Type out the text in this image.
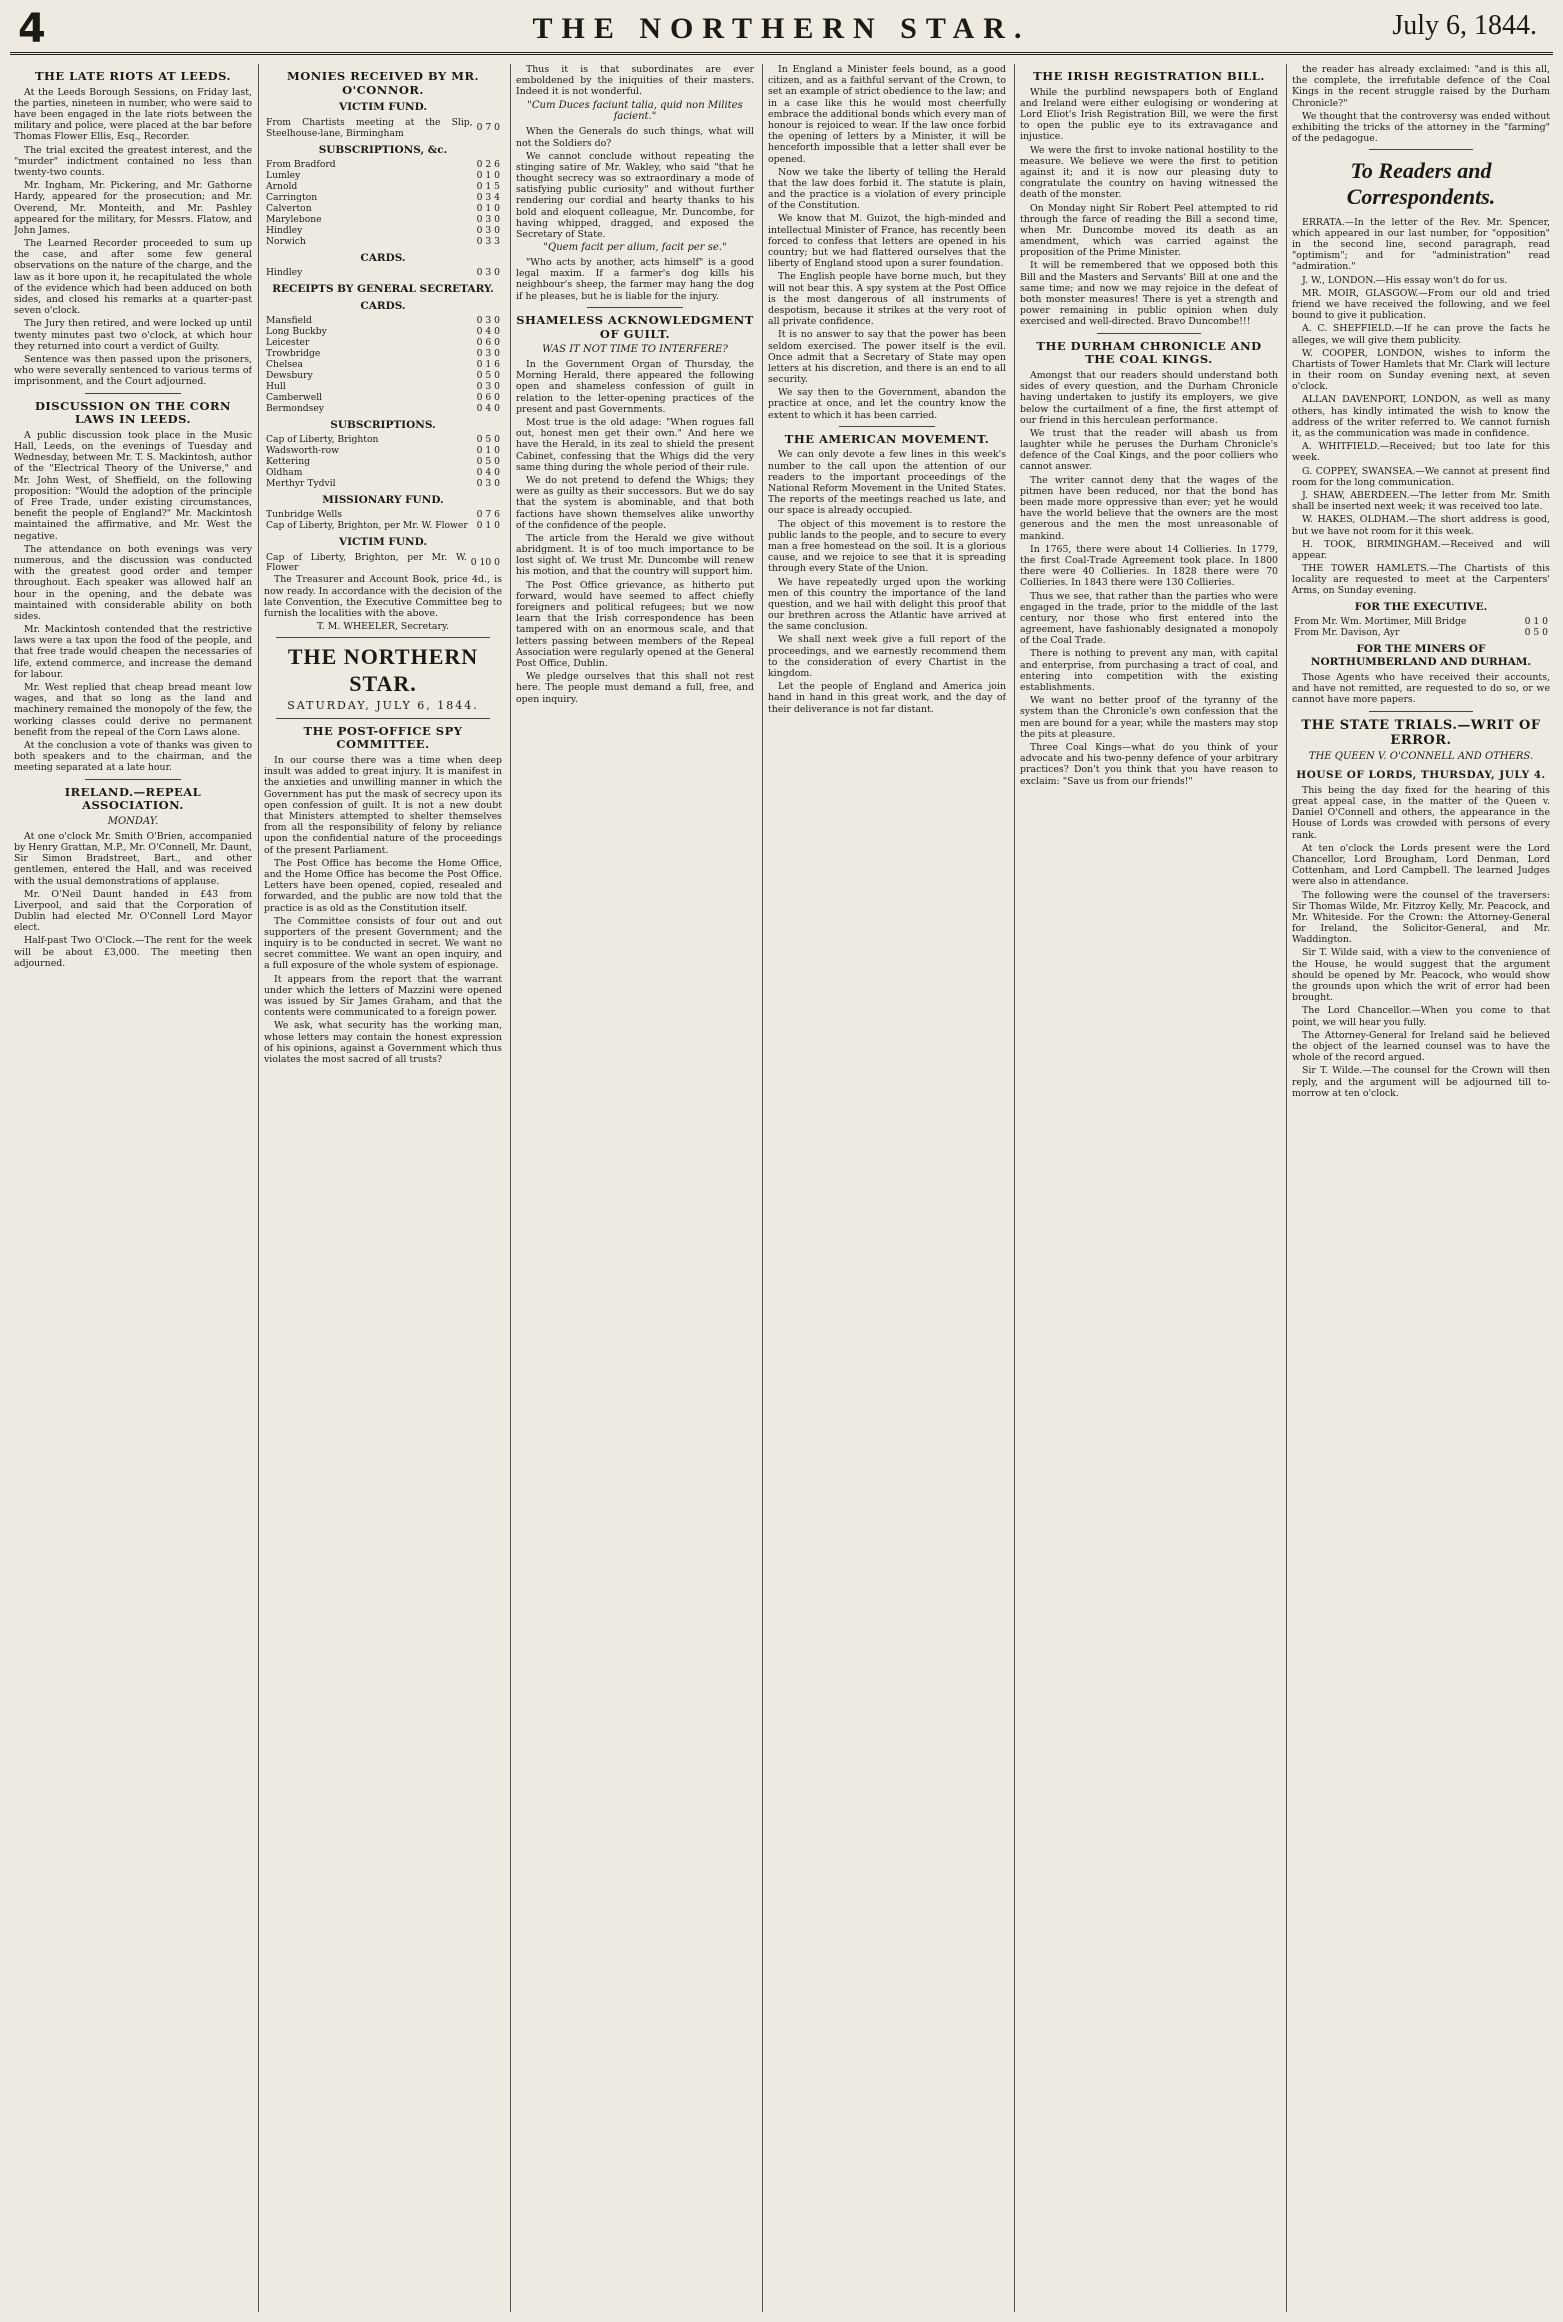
4	THE NORTHERN STAR.	July 6, 1844.
THE LATE RIOTS AT LEEDS.

At the Leeds Borough Sessions, on Friday last, the parties, nineteen in number, who were said to have been engaged in the late riots between the military and police, were placed at the bar before Thomas Flower Ellis, Esq., Recorder.

The trial excited the greatest interest, and the "murder" indictment contained no less than twenty-two counts.

Mr. Ingham, Mr. Pickering, and Mr. Gathorne Hardy, appeared for the prosecution; and Mr. Overend, Mr. Monteith, and Mr. Pashley appeared for the military, for Messrs. Flatow, and John James.

The Learned Recorder proceeded to sum up the case, and after some few general observations on the nature of the charge, and the law as it bore upon it, he recapitulated the whole of the evidence which had been adduced on both sides, and closed his remarks at a quarter-past seven o'clock.

The Jury then retired, and were locked up until twenty minutes past two o'clock, at which hour they returned into court a verdict of Guilty.

Sentence was then passed upon the prisoners, who were severally sentenced to various terms of imprisonment, and the Court adjourned.

DISCUSSION ON THE CORN LAWS IN LEEDS.

A public discussion took place in the Music Hall, Leeds, on the evenings of Tuesday and Wednesday, between Mr. T. S. Mackintosh, author of the "Electrical Theory of the Universe," and Mr. John West, of Sheffield, on the following proposition: "Would the adoption of the principle of Free Trade, under existing circumstances, benefit the people of England?" Mr. Mackintosh maintained the affirmative, and Mr. West the negative.

The attendance on both evenings was very numerous, and the discussion was conducted with the greatest good order and temper throughout. Each speaker was allowed half an hour in the opening, and the debate was maintained with considerable ability on both sides.

Mr. Mackintosh contended that the restrictive laws were a tax upon the food of the people, and that free trade would cheapen the necessaries of life, extend commerce, and increase the demand for labour.

Mr. West replied that cheap bread meant low wages, and that so long as the land and machinery remained the monopoly of the few, the working classes could derive no permanent benefit from the repeal of the Corn Laws alone.

At the conclusion a vote of thanks was given to both speakers and to the chairman, and the meeting separated at a late hour.

IRELAND.—REPEAL ASSOCIATION.
MONDAY.

At one o'clock Mr. Smith O'Brien, accompanied by Henry Grattan, M.P., Mr. O'Connell, Mr. Daunt, Sir Simon Bradstreet, Bart., and other gentlemen, entered the Hall, and was received with the usual demonstrations of applause.

Mr. O'Neil Daunt handed in £43 from Liverpool, and said that the Corporation of Dublin had elected Mr. O'Connell Lord Mayor elect.

Half-past Two O'Clock.—The rent for the week will be about £3,000. The meeting then adjourned.

MONIES RECEIVED BY MR. O'CONNOR.
VICTIM FUND.
From Chartists meeting at the Slip, Steelhouse-lane, Birmingham	0 7 0
SUBSCRIPTIONS, &c.
From Bradford	0 2 6
Lumley	0 1 0
Arnold	0 1 5
Carrington	0 3 4
Calverton	0 1 0
Marylebone	0 3 0
Hindley	0 3 0
Norwich	0 3 3
CARDS.
Hindley	0 3 0
RECEIPTS BY GENERAL SECRETARY.
CARDS.
Mansfield	0 3 0
Long Buckby	0 4 0
Leicester	0 6 0
Trowbridge	0 3 0
Chelsea	0 1 6
Dewsbury	0 5 0
Hull	0 3 0
Camberwell	0 6 0
Bermondsey	0 4 0
SUBSCRIPTIONS.
Cap of Liberty, Brighton	0 5 0
Wadsworth-row	0 1 0
Kettering	0 5 0
Oldham	0 4 0
Merthyr Tydvil	0 3 0
MISSIONARY FUND.
Tunbridge Wells	0 7 6
Cap of Liberty, Brighton, per Mr. W. Flower	0 1 0
VICTIM FUND.
Cap of Liberty, Brighton, per Mr. W. Flower	0 10 0

The Treasurer and Account Book, price 4d., is now ready. In accordance with the decision of the late Convention, the Executive Committee beg to furnish the localities with the above.

T. M. WHEELER, Secretary.
THE NORTHERN STAR.
SATURDAY, JULY 6, 1844.
THE POST-OFFICE SPY COMMITTEE.

In our course there was a time when deep insult was added to great injury. It is manifest in the anxieties and unwilling manner in which the Government has put the mask of secrecy upon its open confession of guilt. It is not a new doubt that Ministers attempted to shelter themselves from all the responsibility of felony by reliance upon the confidential nature of the proceedings of the present Parliament.

The Post Office has become the Home Office, and the Home Office has become the Post Office. Letters have been opened, copied, resealed and forwarded, and the public are now told that the practice is as old as the Constitution itself.

The Committee consists of four out and out supporters of the present Government; and the inquiry is to be conducted in secret. We want no secret committee. We want an open inquiry, and a full exposure of the whole system of espionage.

It appears from the report that the warrant under which the letters of Mazzini were opened was issued by Sir James Graham, and that the contents were communicated to a foreign power.

We ask, what security has the working man, whose letters may contain the honest expression of his opinions, against a Government which thus violates the most sacred of all trusts?

Thus it is that subordinates are ever emboldened by the iniquities of their masters. Indeed it is not wonderful.

"Cum Duces faciunt talia, quid non Milites facient."

When the Generals do such things, what will not the Soldiers do?

We cannot conclude without repeating the stinging satire of Mr. Wakley, who said "that he thought secrecy was so extraordinary a mode of satisfying public curiosity" and without further rendering our cordial and hearty thanks to his bold and eloquent colleague, Mr. Duncombe, for having whipped, dragged, and exposed the Secretary of State.

"Quem facit per alium, facit per se."

"Who acts by another, acts himself" is a good legal maxim. If a farmer's dog kills his neighbour's sheep, the farmer may hang the dog if he pleases, but he is liable for the injury.

SHAMELESS ACKNOWLEDGMENT OF GUILT.
WAS IT NOT TIME TO INTERFERE?

In the Government Organ of Thursday, the Morning Herald, there appeared the following open and shameless confession of guilt in relation to the letter-opening practices of the present and past Governments.

Most true is the old adage: "When rogues fall out, honest men get their own." And here we have the Herald, in its zeal to shield the present Cabinet, confessing that the Whigs did the very same thing during the whole period of their rule.

We do not pretend to defend the Whigs; they were as guilty as their successors. But we do say that the system is abominable, and that both factions have shown themselves alike unworthy of the confidence of the people.

The article from the Herald we give without abridgment. It is of too much importance to be lost sight of. We trust Mr. Duncombe will renew his motion, and that the country will support him.

The Post Office grievance, as hitherto put forward, would have seemed to affect chiefly foreigners and political refugees; but we now learn that the Irish correspondence has been tampered with on an enormous scale, and that letters passing between members of the Repeal Association were regularly opened at the General Post Office, Dublin.

We pledge ourselves that this shall not rest here. The people must demand a full, free, and open inquiry.

In England a Minister feels bound, as a good citizen, and as a faithful servant of the Crown, to set an example of strict obedience to the law; and in a case like this he would most cheerfully embrace the additional bonds which every man of honour is rejoiced to wear. If the law once forbid the opening of letters by a Minister, it will be henceforth impossible that a letter shall ever be opened.

Now we take the liberty of telling the Herald that the law does forbid it. The statute is plain, and the practice is a violation of every principle of the Constitution.

We know that M. Guizot, the high-minded and intellectual Minister of France, has recently been forced to confess that letters are opened in his country; but we had flattered ourselves that the liberty of England stood upon a surer foundation.

The English people have borne much, but they will not bear this. A spy system at the Post Office is the most dangerous of all instruments of despotism, because it strikes at the very root of all private confidence.

It is no answer to say that the power has been seldom exercised. The power itself is the evil. Once admit that a Secretary of State may open letters at his discretion, and there is an end to all security.

We say then to the Government, abandon the practice at once, and let the country know the extent to which it has been carried.

THE AMERICAN MOVEMENT.

We can only devote a few lines in this week's number to the call upon the attention of our readers to the important proceedings of the National Reform Movement in the United States. The reports of the meetings reached us late, and our space is already occupied.

The object of this movement is to restore the public lands to the people, and to secure to every man a free homestead on the soil. It is a glorious cause, and we rejoice to see that it is spreading through every State of the Union.

We have repeatedly urged upon the working men of this country the importance of the land question, and we hail with delight this proof that our brethren across the Atlantic have arrived at the same conclusion.

We shall next week give a full report of the proceedings, and we earnestly recommend them to the consideration of every Chartist in the kingdom.

Let the people of England and America join hand in hand in this great work, and the day of their deliverance is not far distant.

THE IRISH REGISTRATION BILL.

While the purblind newspapers both of England and Ireland were either eulogising or wondering at Lord Eliot's Irish Registration Bill, we were the first to open the public eye to its extravagance and injustice.

We were the first to invoke national hostility to the measure. We believe we were the first to petition against it; and it is now our pleasing duty to congratulate the country on having witnessed the death of the monster.

On Monday night Sir Robert Peel attempted to rid through the farce of reading the Bill a second time, when Mr. Duncombe moved its death as an amendment, which was carried against the proposition of the Prime Minister.

It will be remembered that we opposed both this Bill and the Masters and Servants' Bill at one and the same time; and now we may rejoice in the defeat of both monster measures! There is yet a strength and power remaining in public opinion when duly exercised and well-directed. Bravo Duncombe!!!

THE DURHAM CHRONICLE AND THE COAL KINGS.

Amongst that our readers should understand both sides of every question, and the Durham Chronicle having undertaken to justify its employers, we give below the curtailment of a fine, the first attempt of our friend in this herculean performance.

We trust that the reader will abash us from laughter while he peruses the Durham Chronicle's defence of the Coal Kings, and the poor colliers who cannot answer.

The writer cannot deny that the wages of the pitmen have been reduced, nor that the bond has been made more oppressive than ever; yet he would have the world believe that the owners are the most generous and the men the most unreasonable of mankind.

In 1765, there were about 14 Collieries. In 1779, the first Coal-Trade Agreement took place. In 1800 there were 40 Collieries. In 1828 there were 70 Collieries. In 1843 there were 130 Collieries.

Thus we see, that rather than the parties who were engaged in the trade, prior to the middle of the last century, nor those who first entered into the agreement, have fashionably designated a monopoly of the Coal Trade.

There is nothing to prevent any man, with capital and enterprise, from purchasing a tract of coal, and entering into competition with the existing establishments.

We want no better proof of the tyranny of the system than the Chronicle's own confession that the men are bound for a year, while the masters may stop the pits at pleasure.

Three Coal Kings—what do you think of your advocate and his two-penny defence of your arbitrary practices? Don't you think that you have reason to exclaim: "Save us from our friends!"

the reader has already exclaimed: "and is this all, the complete, the irrefutable defence of the Coal Kings in the recent struggle raised by the Durham Chronicle?"

We thought that the controversy was ended without exhibiting the tricks of the attorney in the "farming" of the pedagogue.

To Readers and Correspondents.

ERRATA.—In the letter of the Rev. Mr. Spencer, which appeared in our last number, for "opposition" in the second line, second paragraph, read "optimism"; and for "administration" read "admiration."

J. W., LONDON.—His essay won't do for us.

MR. MOIR, GLASGOW.—From our old and tried friend we have received the following, and we feel bound to give it publication.

A. C. SHEFFIELD.—If he can prove the facts he alleges, we will give them publicity.

W. COOPER, LONDON, wishes to inform the Chartists of Tower Hamlets that Mr. Clark will lecture in their room on Sunday evening next, at seven o'clock.

ALLAN DAVENPORT, LONDON, as well as many others, has kindly intimated the wish to know the address of the writer referred to. We cannot furnish it, as the communication was made in confidence.

A. WHITFIELD.—Received; but too late for this week.

G. COPPEY, SWANSEA.—We cannot at present find room for the long communication.

J. SHAW, ABERDEEN.—The letter from Mr. Smith shall be inserted next week; it was received too late.

W. HAKES, OLDHAM.—The short address is good, but we have not room for it this week.

H. TOOK, BIRMINGHAM.—Received and will appear.

THE TOWER HAMLETS.—The Chartists of this locality are requested to meet at the Carpenters' Arms, on Sunday evening.

FOR THE EXECUTIVE.
From Mr. Wm. Mortimer, Mill Bridge	0 1 0
From Mr. Davison, Ayr	0 5 0
FOR THE MINERS OF NORTHUMBERLAND AND DURHAM.

Those Agents who have received their accounts, and have not remitted, are requested to do so, or we cannot have more papers.

THE STATE TRIALS.—WRIT OF ERROR.
THE QUEEN V. O'CONNELL AND OTHERS.
HOUSE OF LORDS, THURSDAY, JULY 4.

This being the day fixed for the hearing of this great appeal case, in the matter of the Queen v. Daniel O'Connell and others, the appearance in the House of Lords was crowded with persons of every rank.

At ten o'clock the Lords present were the Lord Chancellor, Lord Brougham, Lord Denman, Lord Cottenham, and Lord Campbell. The learned Judges were also in attendance.

The following were the counsel of the traversers: Sir Thomas Wilde, Mr. Fitzroy Kelly, Mr. Peacock, and Mr. Whiteside. For the Crown: the Attorney-General for Ireland, the Solicitor-General, and Mr. Waddington.

Sir T. Wilde said, with a view to the convenience of the House, he would suggest that the argument should be opened by Mr. Peacock, who would show the grounds upon which the writ of error had been brought.

The Lord Chancellor.—When you come to that point, we will hear you fully.

The Attorney-General for Ireland said he believed the object of the learned counsel was to have the whole of the record argued.

Sir T. Wilde.—The counsel for the Crown will then reply, and the argument will be adjourned till to-morrow at ten o'clock.
